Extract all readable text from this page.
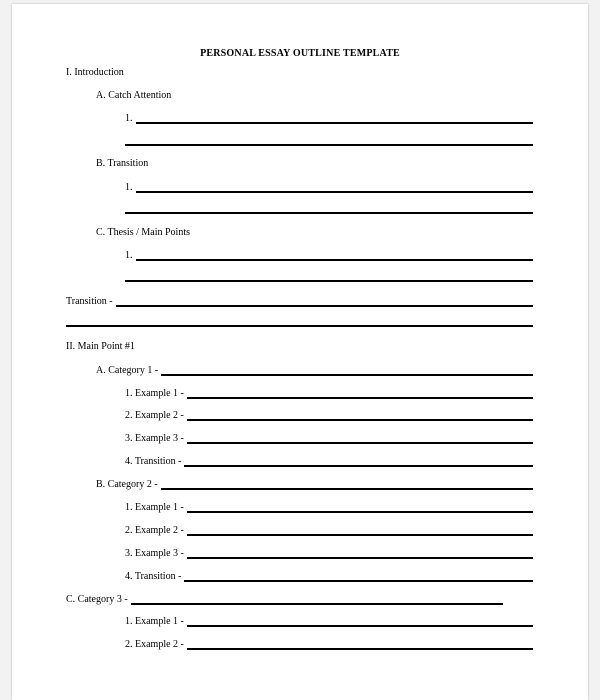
PERSONAL ESSAY OUTLINE TEMPLATE
I. Introduction
A. Catch Attention
1.
B. Transition
1.
C. Thesis / Main Points
1.
Transition -
II. Main Point #1
A. Category 1 -
1. Example 1 -
2. Example 2 -
3. Example 3 -
4. Transition -
B. Category 2 -
1. Example 1 -
2. Example 2 -
3. Example 3 -
4. Transition -
C. Category 3 -
1. Example 1 -
2. Example 2 -
